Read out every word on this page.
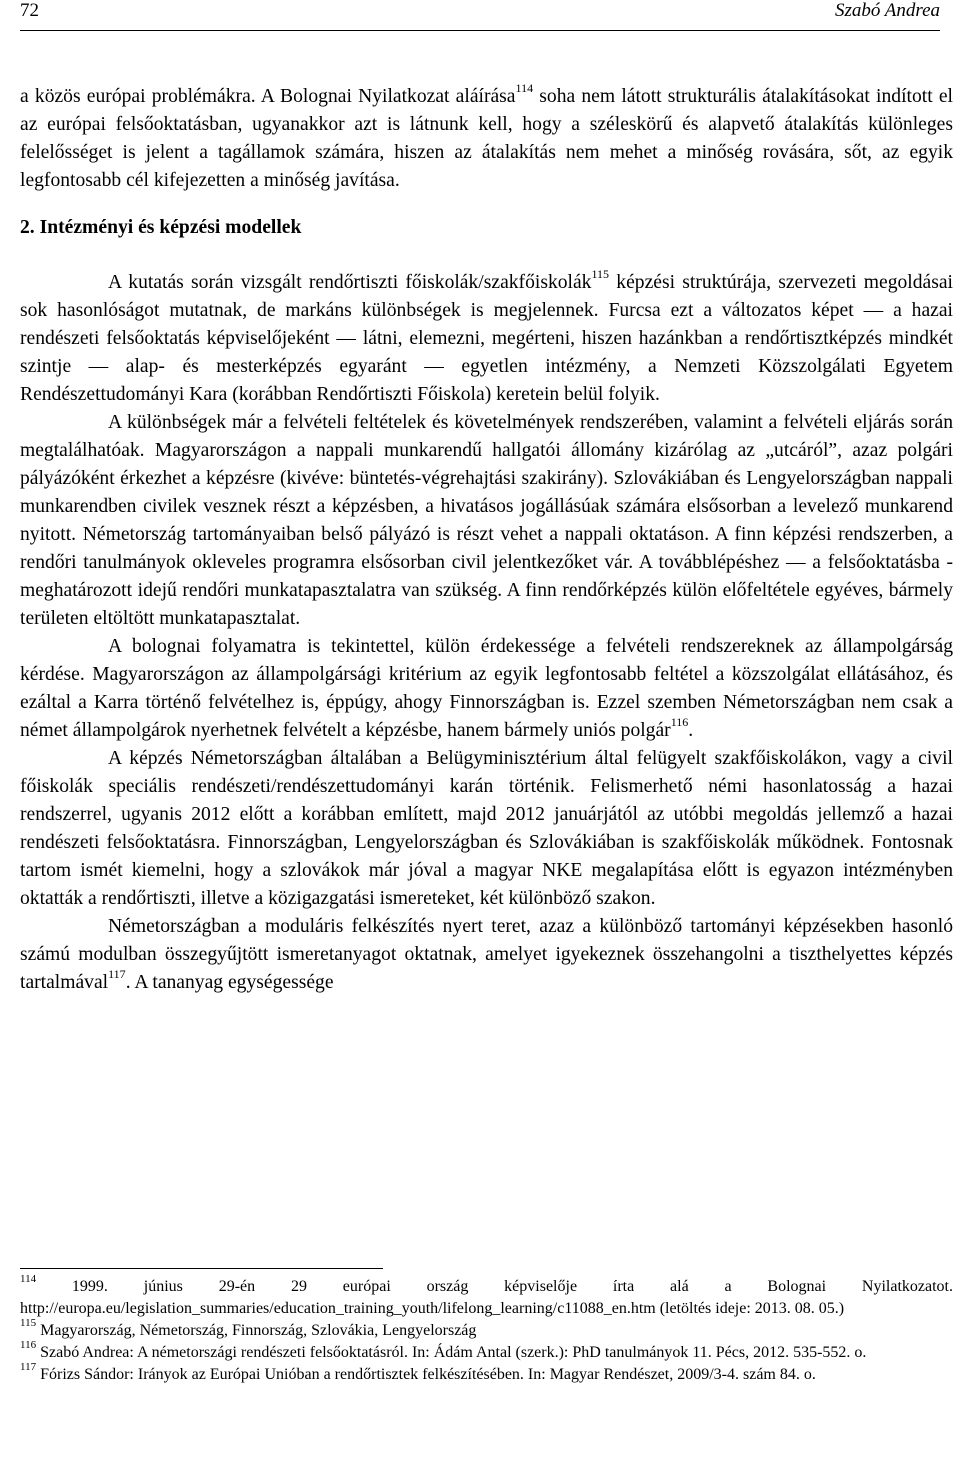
72	Szabó Andrea

a közös európai problémákra. A Bolognai Nyilatkozat aláírása$^{114}$ soha nem látott strukturális átalakításokat indított el az európai felsőoktatásban, ugyanakkor azt is látnunk kell, hogy a széleskörű és alapvető átalakítás különleges felelősséget is jelent a tagállamok számára, hiszen az átalakítás nem mehet a minőség rovására, sőt, az egyik legfontosabb cél kifejezetten a minőség javítása.

2. Intézményi és képzési modellek

A kutatás során vizsgált rendőrtiszti főiskolák/szakfőiskolák$^{115}$ képzési struktúrája, szervezeti megoldásai sok hasonlóságot mutatnak, de markáns különbségek is megjelennek. Furcsa ezt a változatos képet — a hazai rendészeti felsőoktatás képviselőjeként — látni, elemezni, megérteni, hiszen hazánkban a rendőrtisztképzés mindkét szintje — alap- és mesterképzés egyaránt — egyetlen intézmény, a Nemzeti Közszolgálati Egyetem Rendészettudományi Kara (korábban Rendőrtiszti Főiskola) keretein belül folyik.

A különbségek már a felvételi feltételek és követelmények rendszerében, valamint a felvételi eljárás során megtalálhatóak. Magyarországon a nappali munkarendű hallgatói állomány kizárólag az „utcáról”, azaz polgári pályázóként érkezhet a képzésre (kivéve: büntetés-végrehajtási szakirány). Szlovákiában és Lengyelországban nappali munkarendben civilek vesznek részt a képzésben, a hivatásos jogállásúak számára elsősorban a levelező munkarend nyitott. Németország tartományaiban belső pályázó is részt vehet a nappali oktatáson. A finn képzési rendszerben, a rendőri tanulmányok okleveles programra elsősorban civil jelentkezőket vár. A továbblépéshez — a felsőoktatásba - meghatározott idejű rendőri munkatapasztalatra van szükség. A finn rendőrképzés külön előfeltétele egyéves, bármely területen eltöltött munkatapasztalat.

A bolognai folyamatra is tekintettel, külön érdekessége a felvételi rendszereknek az állampolgárság kérdése. Magyarországon az állampolgársági kritérium az egyik legfontosabb feltétel a közszolgálat ellátásához, és ezáltal a Karra történő felvételhez is, éppúgy, ahogy Finnországban is. Ezzel szemben Németországban nem csak a német állampolgárok nyerhetnek felvételt a képzésbe, hanem bármely uniós polgár$^{116}$.

A képzés Németországban általában a Belügyminisztérium által felügyelt szakfőiskolákon, vagy a civil főiskolák speciális rendészeti/rendészettudományi karán történik. Felismerhető némi hasonlatosság a hazai rendszerrel, ugyanis 2012 előtt a korábban említett, majd 2012 januárjától az utóbbi megoldás jellemző a hazai rendészeti felsőoktatásra. Finnországban, Lengyelországban és Szlovákiában is szakfőiskolák működnek. Fontosnak tartom ismét kiemelni, hogy a szlovákok már jóval a magyar NKE megalapítása előtt is egyazon intézményben oktatták a rendőrtiszti, illetve a közigazgatási ismereteket, két különböző szakon.

Németországban a moduláris felkészítés nyert teret, azaz a különböző tartományi képzésekben hasonló számú modulban összegyűjtött ismeretanyagot oktatnak, amelyet igyekeznek összehangolni a tiszthelyettes képzés tartalmával$^{117}$. A tananyag egységessége

$^{114}$ 1999. június 29-én 29 európai ország képviselője írta alá a Bolognai Nyilatkozatot. http://europa.eu/legislation_summaries/education_training_youth/lifelong_learning/c11088_en.htm (letöltés ideje: 2013. 08. 05.)

$^{115}$ Magyarország, Németország, Finnország, Szlovákia, Lengyelország

$^{116}$ Szabó Andrea: A németországi rendészeti felsőoktatásról. In: Ádám Antal (szerk.): PhD tanulmányok 11. Pécs, 2012. 535-552. o.

$^{117}$ Fórizs Sándor: Irányok az Európai Unióban a rendőrtisztek felkészítésében. In: Magyar Rendészet, 2009/3-4. szám 84. o.
